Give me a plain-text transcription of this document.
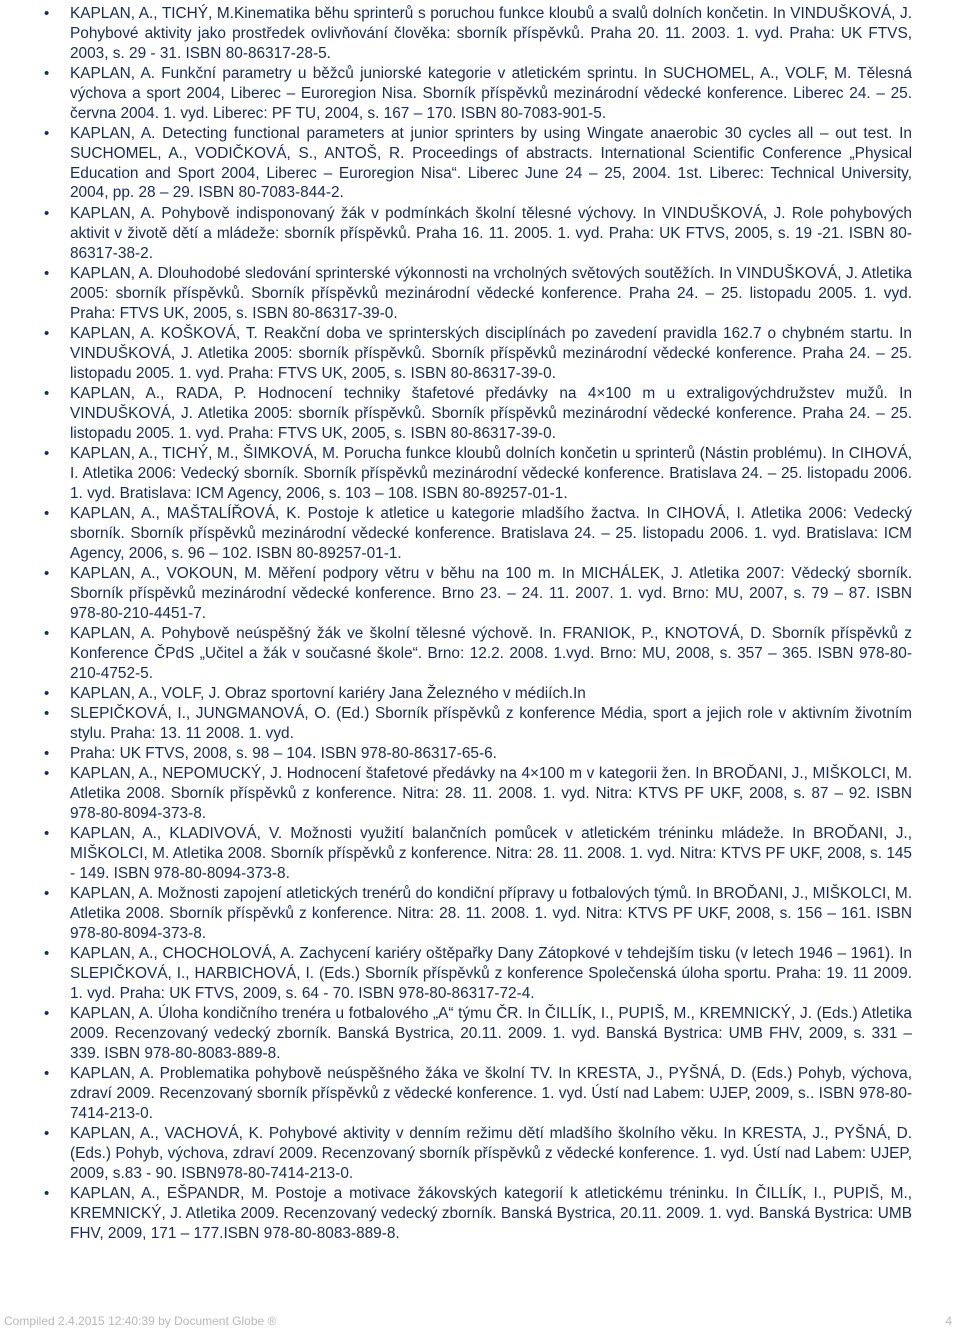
• KAPLAN, A., TICHÝ, M.Kinematika běhu sprinterů s poruchou funkce kloubů a svalů dolních končetin. In VINDUŠKOVÁ, J. Pohybové aktivity jako prostředek ovlivňování člověka: sborník příspěvků. Praha 20. 11. 2003. 1. vyd. Praha: UK FTVS, 2003, s. 29 - 31. ISBN 80-86317-28-5.
• KAPLAN, A. Funkční parametry u běžců juniorské kategorie v atletickém sprintu. In SUCHOMEL, A., VOLF, M. Tělesná výchova a sport 2004, Liberec – Euroregion Nisa. Sborník příspěvků mezinárodní vědecké konference. Liberec 24. – 25. června 2004. 1. vyd. Liberec: PF TU, 2004, s. 167 – 170. ISBN 80-7083-901-5.
• KAPLAN, A. Detecting functional parameters at junior sprinters by using Wingate anaerobic 30 cycles all – out test. In SUCHOMEL, A., VODIČKOVÁ, S., ANTOŠ, R. Proceedings of abstracts. International Scientific Conference „Physical Education and Sport 2004, Liberec – Euroregion Nisa“. Liberec June 24 – 25, 2004. 1st. Liberec: Technical University, 2004, pp. 28 – 29. ISBN 80-7083-844-2.
• KAPLAN, A. Pohybově indisponovaný žák v podmínkách školní tělesné výchovy. In VINDUŠKOVÁ, J. Role pohybových aktivit v životě dětí a mládeže: sborník příspěvků. Praha 16. 11. 2005. 1. vyd. Praha: UK FTVS, 2005, s. 19 -21. ISBN 80-86317-38-2.
• KAPLAN, A. Dlouhodobé sledování sprinterské výkonnosti na vrcholných světových soutěžích. In VINDUŠKOVÁ, J. Atletika 2005: sborník příspěvků. Sborník příspěvků mezinárodní vědecké konference. Praha 24. – 25. listopadu 2005. 1. vyd. Praha: FTVS UK, 2005, s. ISBN 80-86317-39-0.
• KAPLAN, A. KOŠKOVÁ, T. Reakční doba ve sprinterských disciplínách po zavedení pravidla 162.7 o chybném startu. In VINDUŠKOVÁ, J. Atletika 2005: sborník příspěvků. Sborník příspěvků mezinárodní vědecké konference. Praha 24. – 25. listopadu 2005. 1. vyd. Praha: FTVS UK, 2005, s. ISBN 80-86317-39-0.
• KAPLAN, A., RADA, P. Hodnocení techniky štafetové předávky na 4×100 m u extraligovýchdružstev mužů. In VINDUŠKOVÁ, J. Atletika 2005: sborník příspěvků. Sborník příspěvků mezinárodní vědecké konference. Praha 24. – 25. listopadu 2005. 1. vyd. Praha: FTVS UK, 2005, s. ISBN 80-86317-39-0.
• KAPLAN, A., TICHÝ, M., ŠIMKOVÁ, M. Porucha funkce kloubů dolních končetin u sprinterů (Nástin problému). In CIHOVÁ, I. Atletika 2006: Vedecký sborník. Sborník příspěvků mezinárodní vědecké konference. Bratislava 24. – 25. listopadu 2006. 1. vyd. Bratislava: ICM Agency, 2006, s. 103 – 108. ISBN 80-89257-01-1.
• KAPLAN, A., MAŠTALÍŘOVÁ, K. Postoje k atletice u kategorie mladšího žactva. In CIHOVÁ, I. Atletika 2006: Vedecký sborník. Sborník příspěvků mezinárodní vědecké konference. Bratislava 24. – 25. listopadu 2006. 1. vyd. Bratislava: ICM Agency, 2006, s. 96 – 102. ISBN 80-89257-01-1.
• KAPLAN, A., VOKOUN, M. Měření podpory větru v běhu na 100 m. In MICHÁLEK, J. Atletika 2007: Vědecký sborník. Sborník příspěvků mezinárodní vědecké konference. Brno 23. – 24. 11. 2007. 1. vyd. Brno: MU, 2007, s. 79 – 87. ISBN 978-80-210-4451-7.
• KAPLAN, A. Pohybově neúspěšný žák ve školní tělesné výchově. In. FRANIOK, P., KNOTOVÁ, D. Sborník příspěvků z Konference ČPdS „Učitel a žák v současné škole“. Brno: 12.2. 2008. 1.vyd. Brno: MU, 2008, s. 357 – 365. ISBN 978-80-210-4752-5.
• KAPLAN, A., VOLF, J. Obraz sportovní kariéry Jana Železného v médiích.In
• SLEPIČKOVÁ, I., JUNGMANOVÁ, O. (Ed.) Sborník příspěvků z konference Média, sport a jejich role v aktivním životním stylu. Praha: 13. 11 2008. 1. vyd.
• Praha: UK FTVS, 2008, s. 98 – 104. ISBN 978-80-86317-65-6.
• KAPLAN, A., NEPOMUCKÝ, J. Hodnocení štafetové předávky na 4×100 m v kategorii žen. In BROĎANI, J., MIŠKOLCI, M. Atletika 2008. Sborník příspěvků z konference. Nitra: 28. 11. 2008. 1. vyd. Nitra: KTVS PF UKF, 2008, s. 87 – 92. ISBN 978-80-8094-373-8.
• KAPLAN, A., KLADIVOVÁ, V. Možnosti využití balančních pomůcek v atletickém tréninku mládeže. In BROĎANI, J., MIŠKOLCI, M. Atletika 2008. Sborník příspěvků z konference. Nitra: 28. 11. 2008. 1. vyd. Nitra: KTVS PF UKF, 2008, s. 145 - 149. ISBN 978-80-8094-373-8.
• KAPLAN, A. Možnosti zapojení atletických trenérů do kondiční přípravy u fotbalových týmů. In BROĎANI, J., MIŠKOLCI, M. Atletika 2008. Sborník příspěvků z konference. Nitra: 28. 11. 2008. 1. vyd. Nitra: KTVS PF UKF, 2008, s. 156 – 161. ISBN 978-80-8094-373-8.
• KAPLAN, A., CHOCHOLOVÁ, A. Zachycení kariéry oštěpařky Dany Zátopkové v tehdejším tisku (v letech 1946 – 1961). In SLEPIČKOVÁ, I., HARBICHOVÁ, I. (Eds.) Sborník příspěvků z konference Společenská úloha sportu. Praha: 19. 11 2009. 1. vyd. Praha: UK FTVS, 2009, s. 64 - 70. ISBN 978-80-86317-72-4.
• KAPLAN, A. Úloha kondičního trenéra u fotbalového „A“ týmu ČR. In ČILLÍK, I., PUPIŠ, M., KREMNICKÝ, J. (Eds.) Atletika 2009. Recenzovaný vedecký zborník. Banská Bystrica, 20.11. 2009. 1. vyd. Banská Bystrica: UMB FHV, 2009, s. 331 – 339. ISBN 978-80-8083-889-8.
• KAPLAN, A. Problematika pohybově neúspěšného žáka ve školní TV. In KRESTA, J., PYŠNÁ, D. (Eds.) Pohyb, výchova, zdraví 2009. Recenzovaný sborník příspěvků z vědecké konference. 1. vyd. Ústí nad Labem: UJEP, 2009, s.. ISBN 978-80-7414-213-0.
• KAPLAN, A., VACHOVÁ, K. Pohybové aktivity v denním režimu dětí mladšího školního věku. In KRESTA, J., PYŠNÁ, D.(Eds.) Pohyb, výchova, zdraví 2009. Recenzovaný sborník příspěvků z vědecké konference. 1. vyd. Ústí nad Labem: UJEP, 2009, s.83 - 90. ISBN978-80-7414-213-0.
• KAPLAN, A., EŠPANDR, M. Postoje a motivace žákovských kategorií k atletickému tréninku. In ČILLÍK, I., PUPIŠ, M., KREMNICKÝ, J. Atletika 2009. Recenzovaný vedecký zborník. Banská Bystrica, 20.11. 2009. 1. vyd. Banská Bystrica: UMB FHV, 2009, 171 – 177.ISBN 978-80-8083-889-8.
Compiled 2.4.2015 12:40:39 by Document Globe ®	4
